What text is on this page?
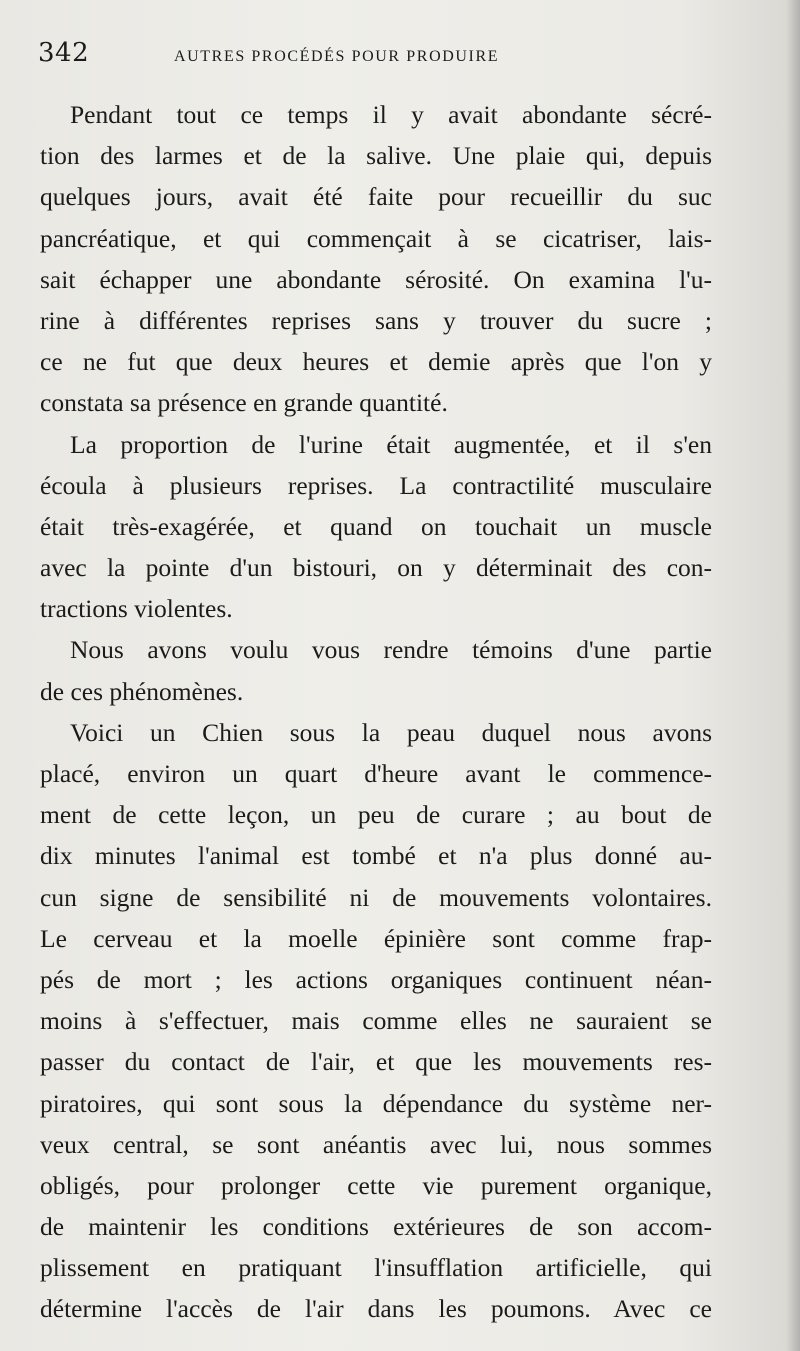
342	AUTRES PROCÉDÉS POUR PRODUIRE
Pendant tout ce temps il y avait abondante sécré-
tion des larmes et de la salive. Une plaie qui, depuis
quelques jours, avait été faite pour recueillir du suc
pancréatique, et qui commençait à se cicatriser, lais-
sait échapper une abondante sérosité. On examina l'u-
rine à différentes reprises sans y trouver du sucre ;
ce ne fut que deux heures et demie après que l'on y
constata sa présence en grande quantité.
La proportion de l'urine était augmentée, et il s'en
écoula à plusieurs reprises. La contractilité musculaire
était très-exagérée, et quand on touchait un muscle
avec la pointe d'un bistouri, on y déterminait des con-
tractions violentes.
Nous avons voulu vous rendre témoins d'une partie
de ces phénomènes.
Voici un Chien sous la peau duquel nous avons
placé, environ un quart d'heure avant le commence-
ment de cette leçon, un peu de curare ; au bout de
dix minutes l'animal est tombé et n'a plus donné au-
cun signe de sensibilité ni de mouvements volontaires.
Le cerveau et la moelle épinière sont comme frap-
pés de mort ; les actions organiques continuent néan-
moins à s'effectuer, mais comme elles ne sauraient se
passer du contact de l'air, et que les mouvements res-
piratoires, qui sont sous la dépendance du système ner-
veux central, se sont anéantis avec lui, nous sommes
obligés, pour prolonger cette vie purement organique,
de maintenir les conditions extérieures de son accom-
plissement en pratiquant l'insufflation artificielle, qui
détermine l'accès de l'air dans les poumons. Avec ce
